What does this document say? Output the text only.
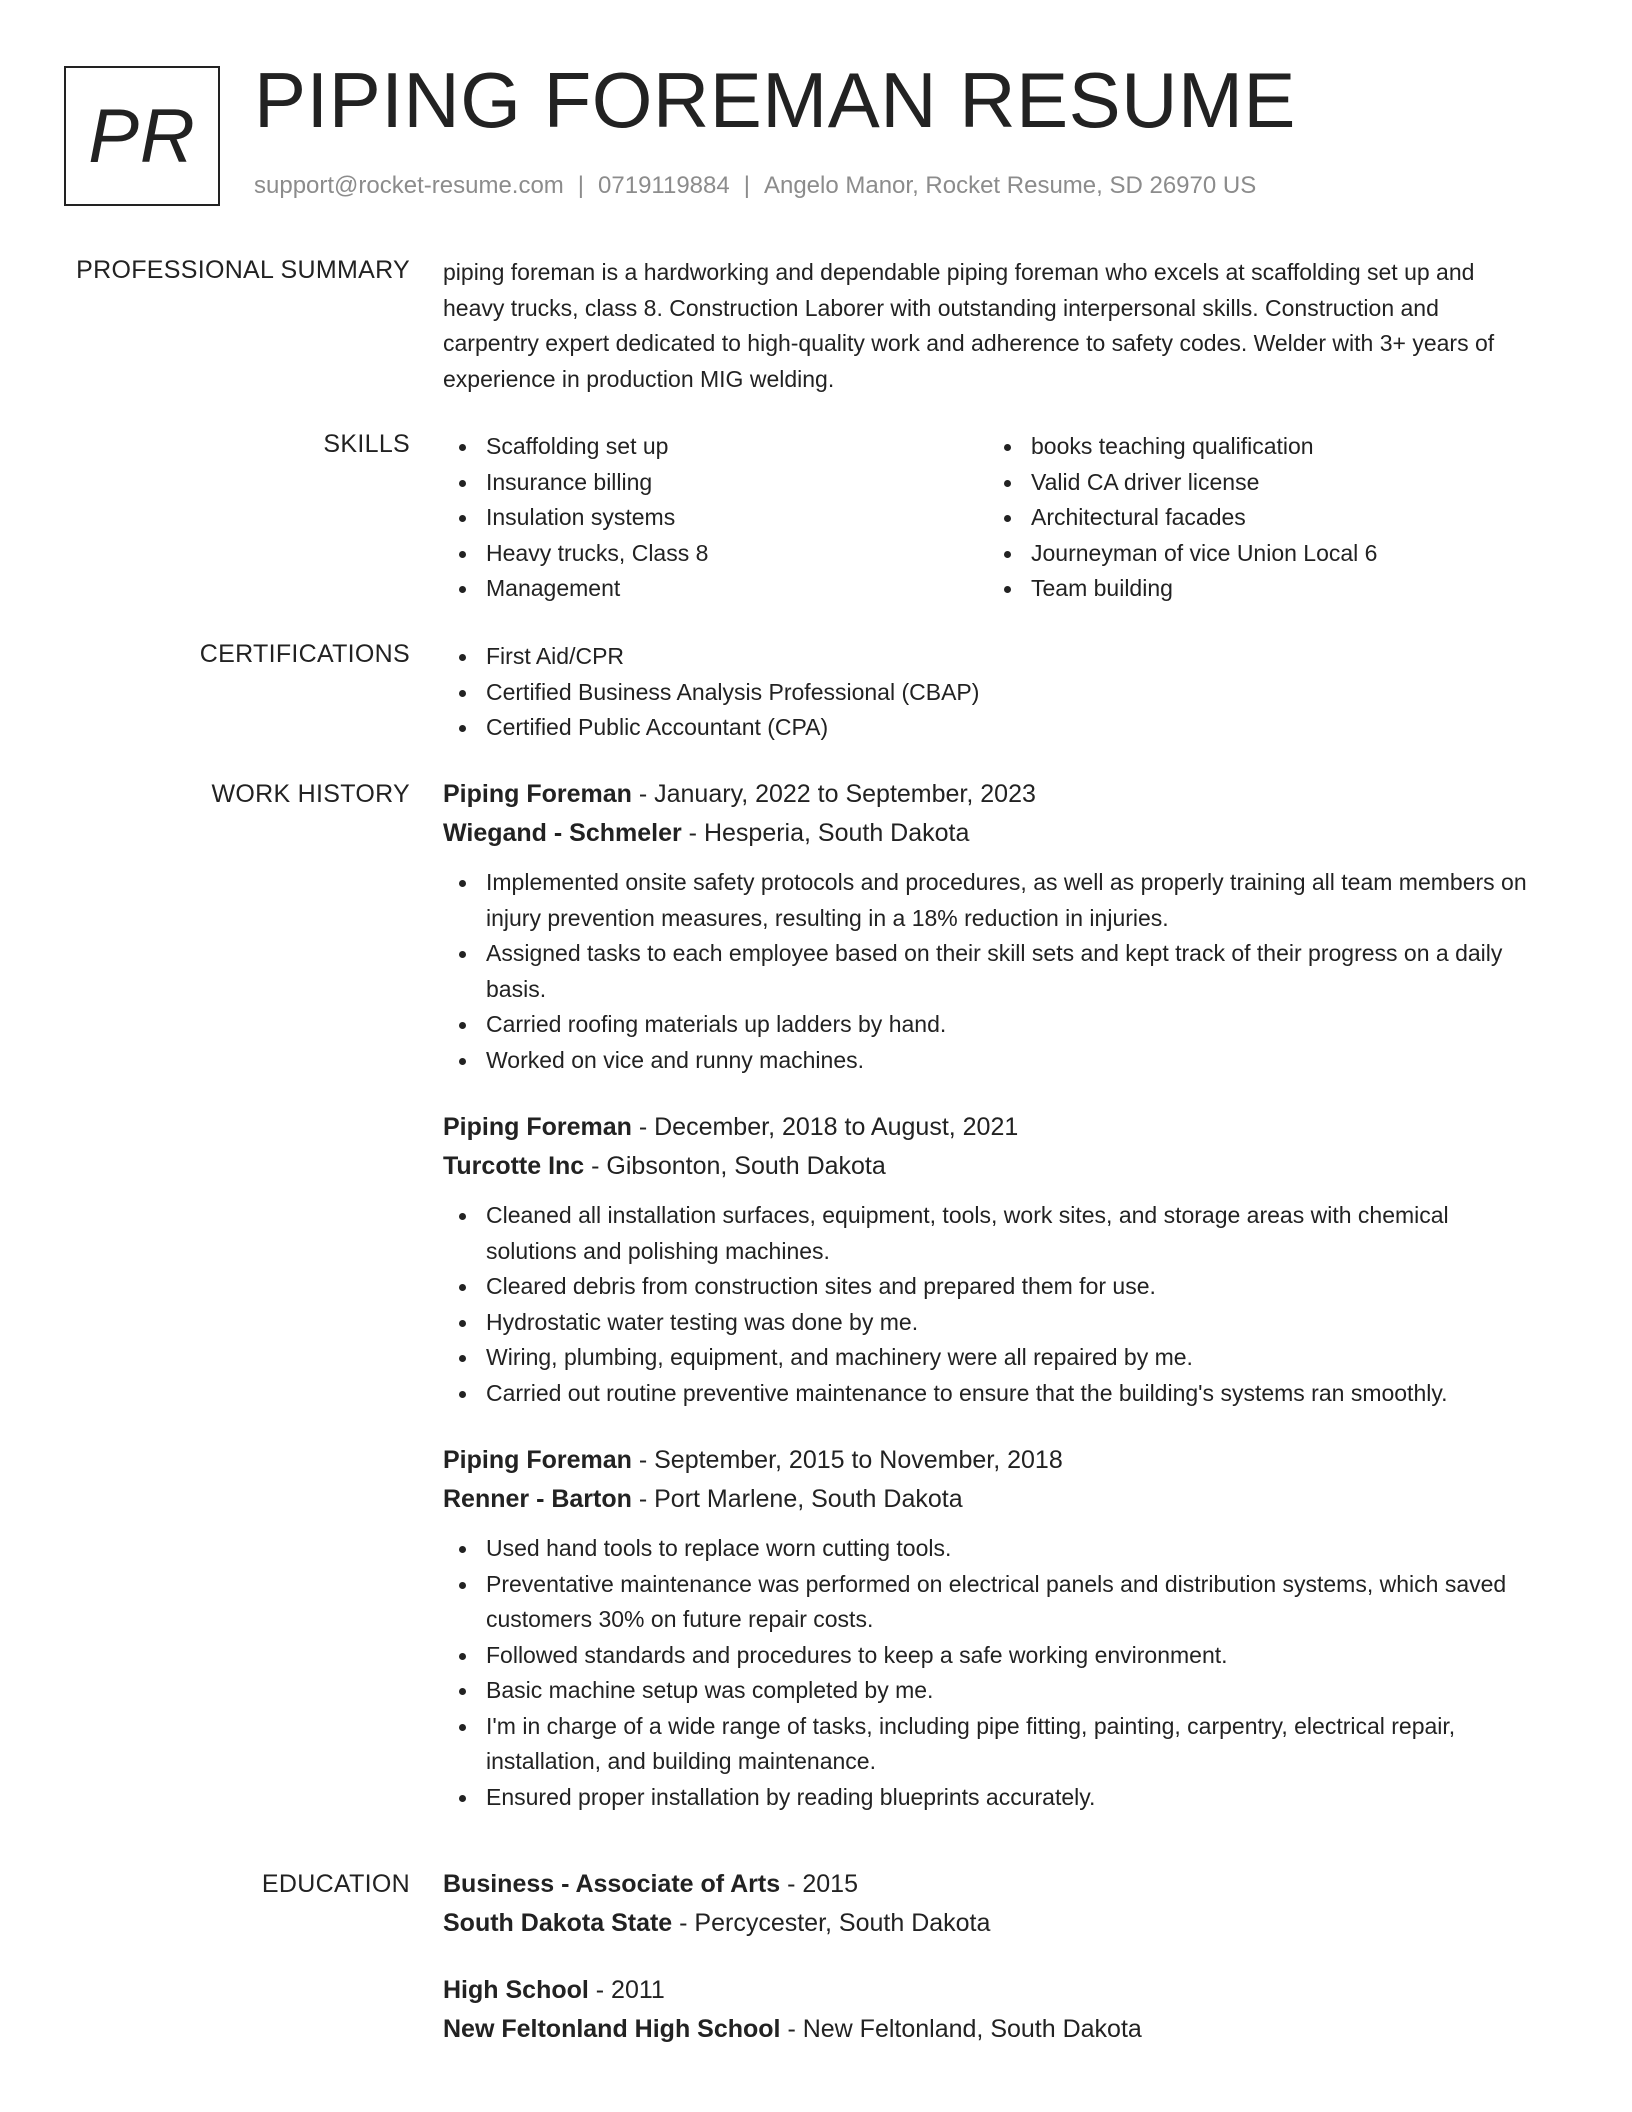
PR PIPING FOREMAN RESUME
support@rocket-resume.com | 0719119884 | Angelo Manor, Rocket Resume, SD 26970 US
PROFESSIONAL SUMMARY piping foreman is a hardworking and dependable piping foreman who excels at scaffolding set up and heavy trucks, class 8. Construction Laborer with outstanding interpersonal skills. Construction and carpentry expert dedicated to high-quality work and adherence to safety codes. Welder with 3+ years of experience in production MIG welding.
SKILLS	Scaffolding set up
Insurance billing
Insulation systems
Heavy trucks, Class 8
Management
books teaching qualification
Valid CA driver license
Architectural facades
Journeyman of vice Union Local 6
Team building
CERTIFICATIONS	First Aid/CPR
Certified Business Analysis Professional (CBAP)
Certified Public Accountant (CPA)
WORK HISTORY Piping Foreman - January, 2022 to September, 2023
Wiegand - Schmeler - Hesperia, South Dakota
Implemented onsite safety protocols and procedures, as well as properly training all team members on injury prevention measures, resulting in a 18% reduction in injuries.
Assigned tasks to each employee based on their skill sets and kept track of their progress on a daily basis.
Carried roofing materials up ladders by hand.
Worked on vice and runny machines.
Piping Foreman - December, 2018 to August, 2021
Turcotte Inc - Gibsonton, South Dakota
Cleaned all installation surfaces, equipment, tools, work sites, and storage areas with chemical solutions and polishing machines.
Cleared debris from construction sites and prepared them for use.
Hydrostatic water testing was done by me.
Wiring, plumbing, equipment, and machinery were all repaired by me.
Carried out routine preventive maintenance to ensure that the building's systems ran smoothly.
Piping Foreman - September, 2015 to November, 2018
Renner - Barton - Port Marlene, South Dakota
Used hand tools to replace worn cutting tools.
Preventative maintenance was performed on electrical panels and distribution systems, which saved customers 30% on future repair costs.
Followed standards and procedures to keep a safe working environment.
Basic machine setup was completed by me.
I'm in charge of a wide range of tasks, including pipe fitting, painting, carpentry, electrical repair, installation, and building maintenance.
Ensured proper installation by reading blueprints accurately.
EDUCATION Business - Associate of Arts - 2015
South Dakota State - Percycester, South Dakota
High School - 2011
New Feltonland High School - New Feltonland, South Dakota
